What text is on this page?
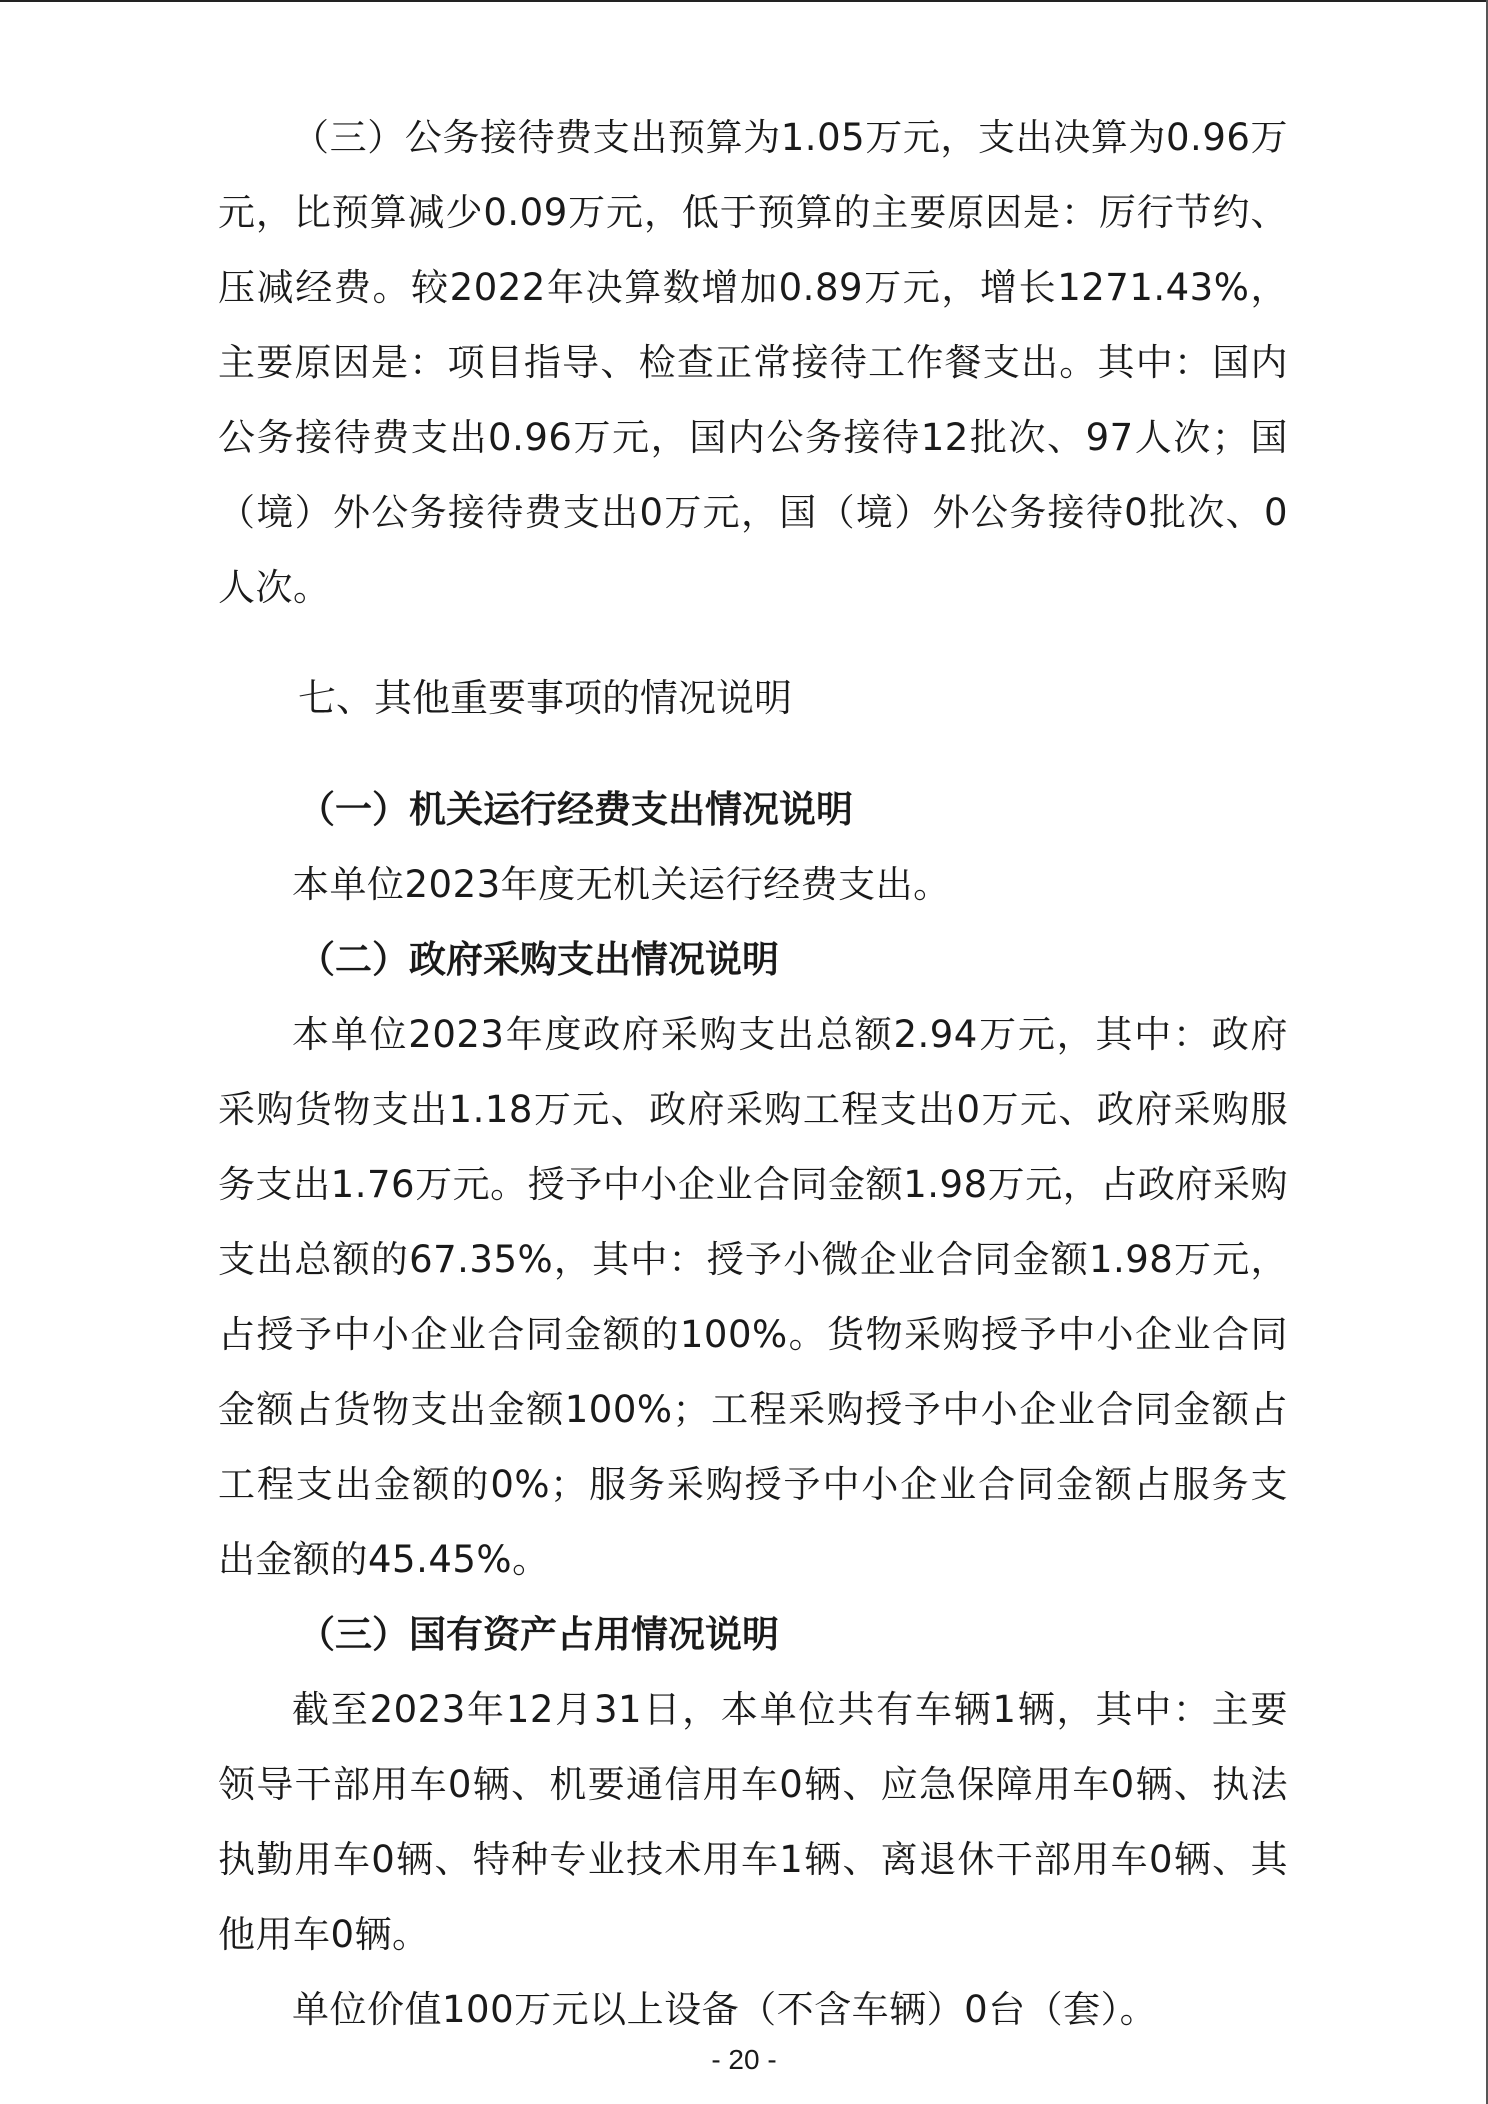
（三）公务接待费支出预算为1.05万元，支出决算为0.96万元，比预算减少0.09万元，低于预算的主要原因是：厉行节约、压减经费。较2022年决算数增加0.89万元，增长1271.43%，主要原因是：项目指导、检查正常接待工作餐支出。其中：国内公务接待费支出0.96万元，国内公务接待12批次、97人次；国（境）外公务接待费支出0万元，国（境）外公务接待0批次、0人次。

七、其他重要事项的情况说明
（一）机关运行经费支出情况说明

本单位2023年度无机关运行经费支出。

（二）政府采购支出情况说明

本单位2023年度政府采购支出总额2.94万元，其中：政府采购货物支出1.18万元、政府采购工程支出0万元、政府采购服务支出1.76万元。授予中小企业合同金额1.98万元，占政府采购支出总额的67.35%，其中：授予小微企业合同金额1.98万元，占授予中小企业合同金额的100%。货物采购授予中小企业合同金额占货物支出金额100%；工程采购授予中小企业合同金额占工程支出金额的0%；服务采购授予中小企业合同金额占服务支出金额的45.45%。

（三）国有资产占用情况说明

截至2023年12月31日，本单位共有车辆1辆，其中：主要领导干部用车0辆、机要通信用车0辆、应急保障用车0辆、执法执勤用车0辆、特种专业技术用车1辆、离退休干部用车0辆、其他用车0辆。

单位价值100万元以上设备（不含车辆）0台（套）。

- 20 -
